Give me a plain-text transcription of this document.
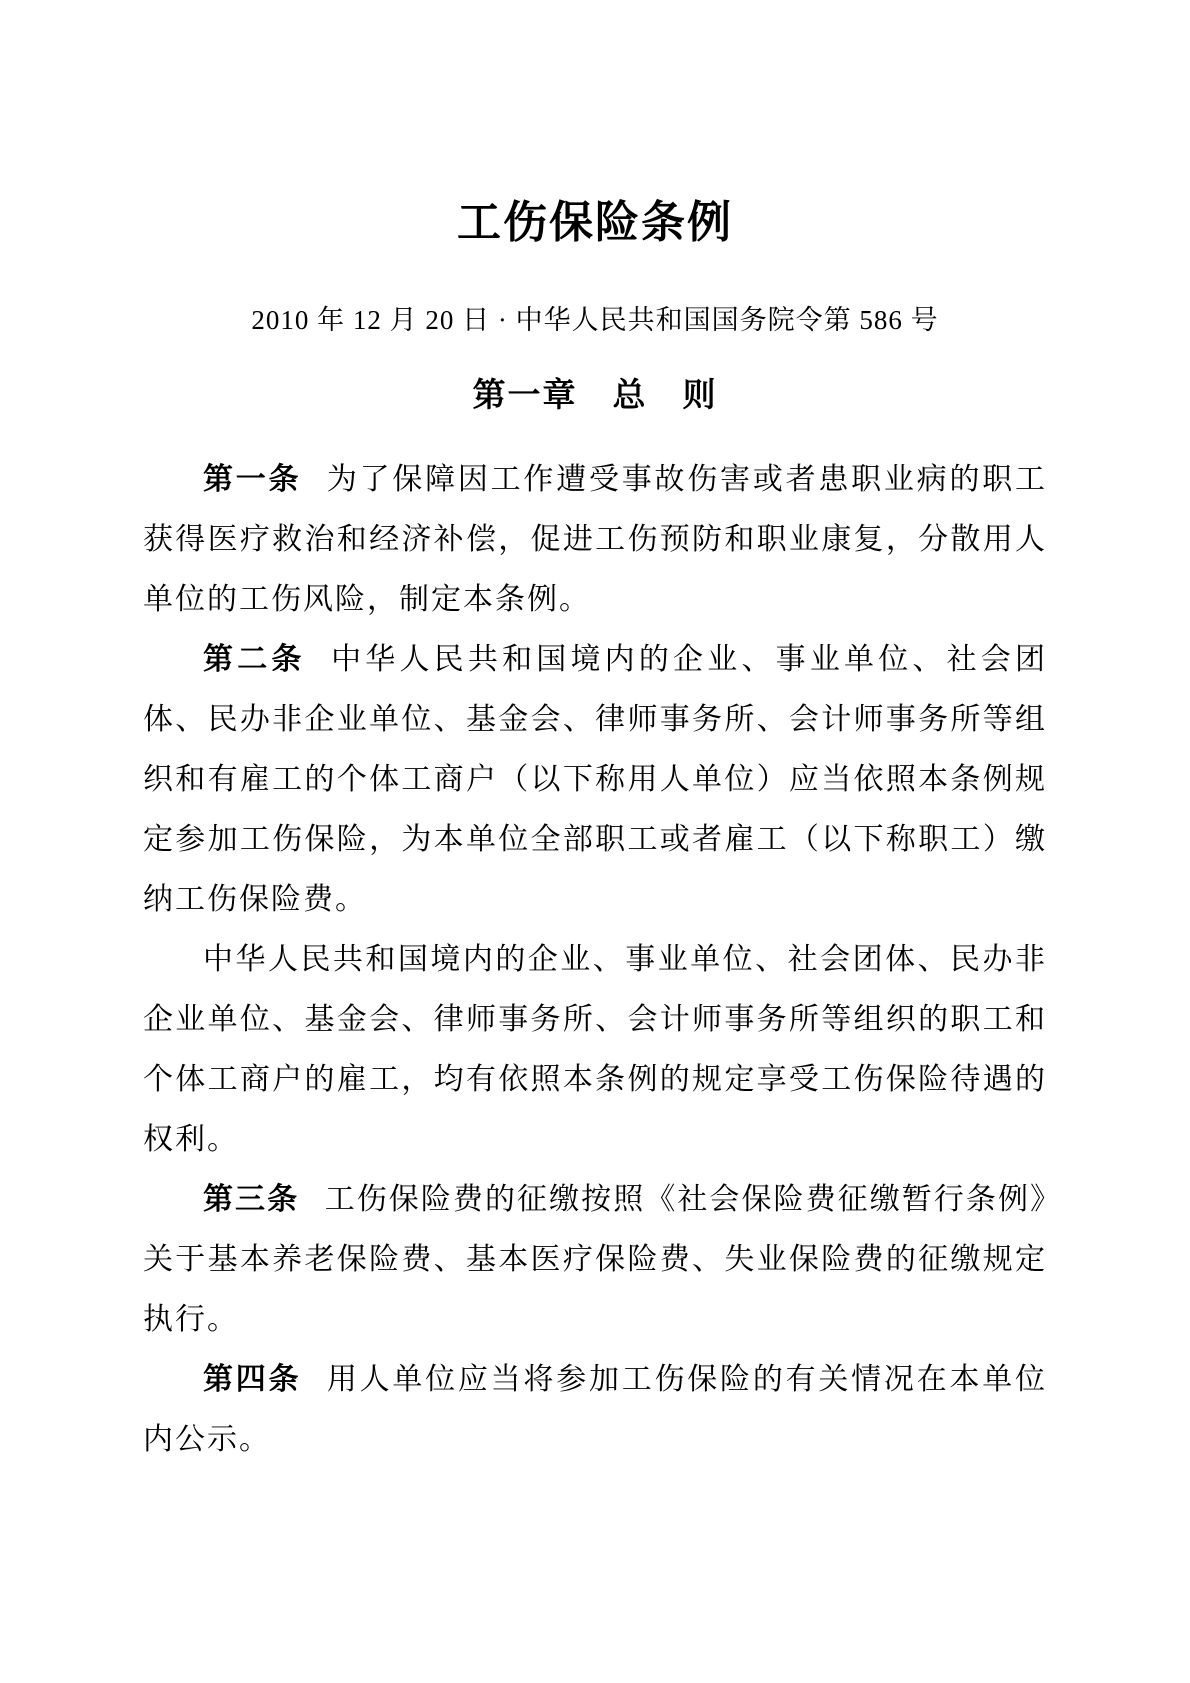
工伤保险条例
2010 年 12 月 20 日 · 中华人民共和国国务院令第 586 号
第一章　总　则

第一条 为了保障因工作遭受事故伤害或者患职业病的职工获得医疗救治和经济补偿，促进工伤预防和职业康复，分散用人单位的工伤风险，制定本条例。

第二条 中华人民共和国境内的企业、事业单位、社会团体、民办非企业单位、基金会、律师事务所、会计师事务所等组织和有雇工的个体工商户（以下称用人单位）应当依照本条例规定参加工伤保险，为本单位全部职工或者雇工（以下称职工）缴纳工伤保险费。

中华人民共和国境内的企业、事业单位、社会团体、民办非企业单位、基金会、律师事务所、会计师事务所等组织的职工和个体工商户的雇工，均有依照本条例的规定享受工伤保险待遇的权利。

第三条 工伤保险费的征缴按照《社会保险费征缴暂行条例》关于基本养老保险费、基本医疗保险费、失业保险费的征缴规定执行。

第四条 用人单位应当将参加工伤保险的有关情况在本单位内公示。
